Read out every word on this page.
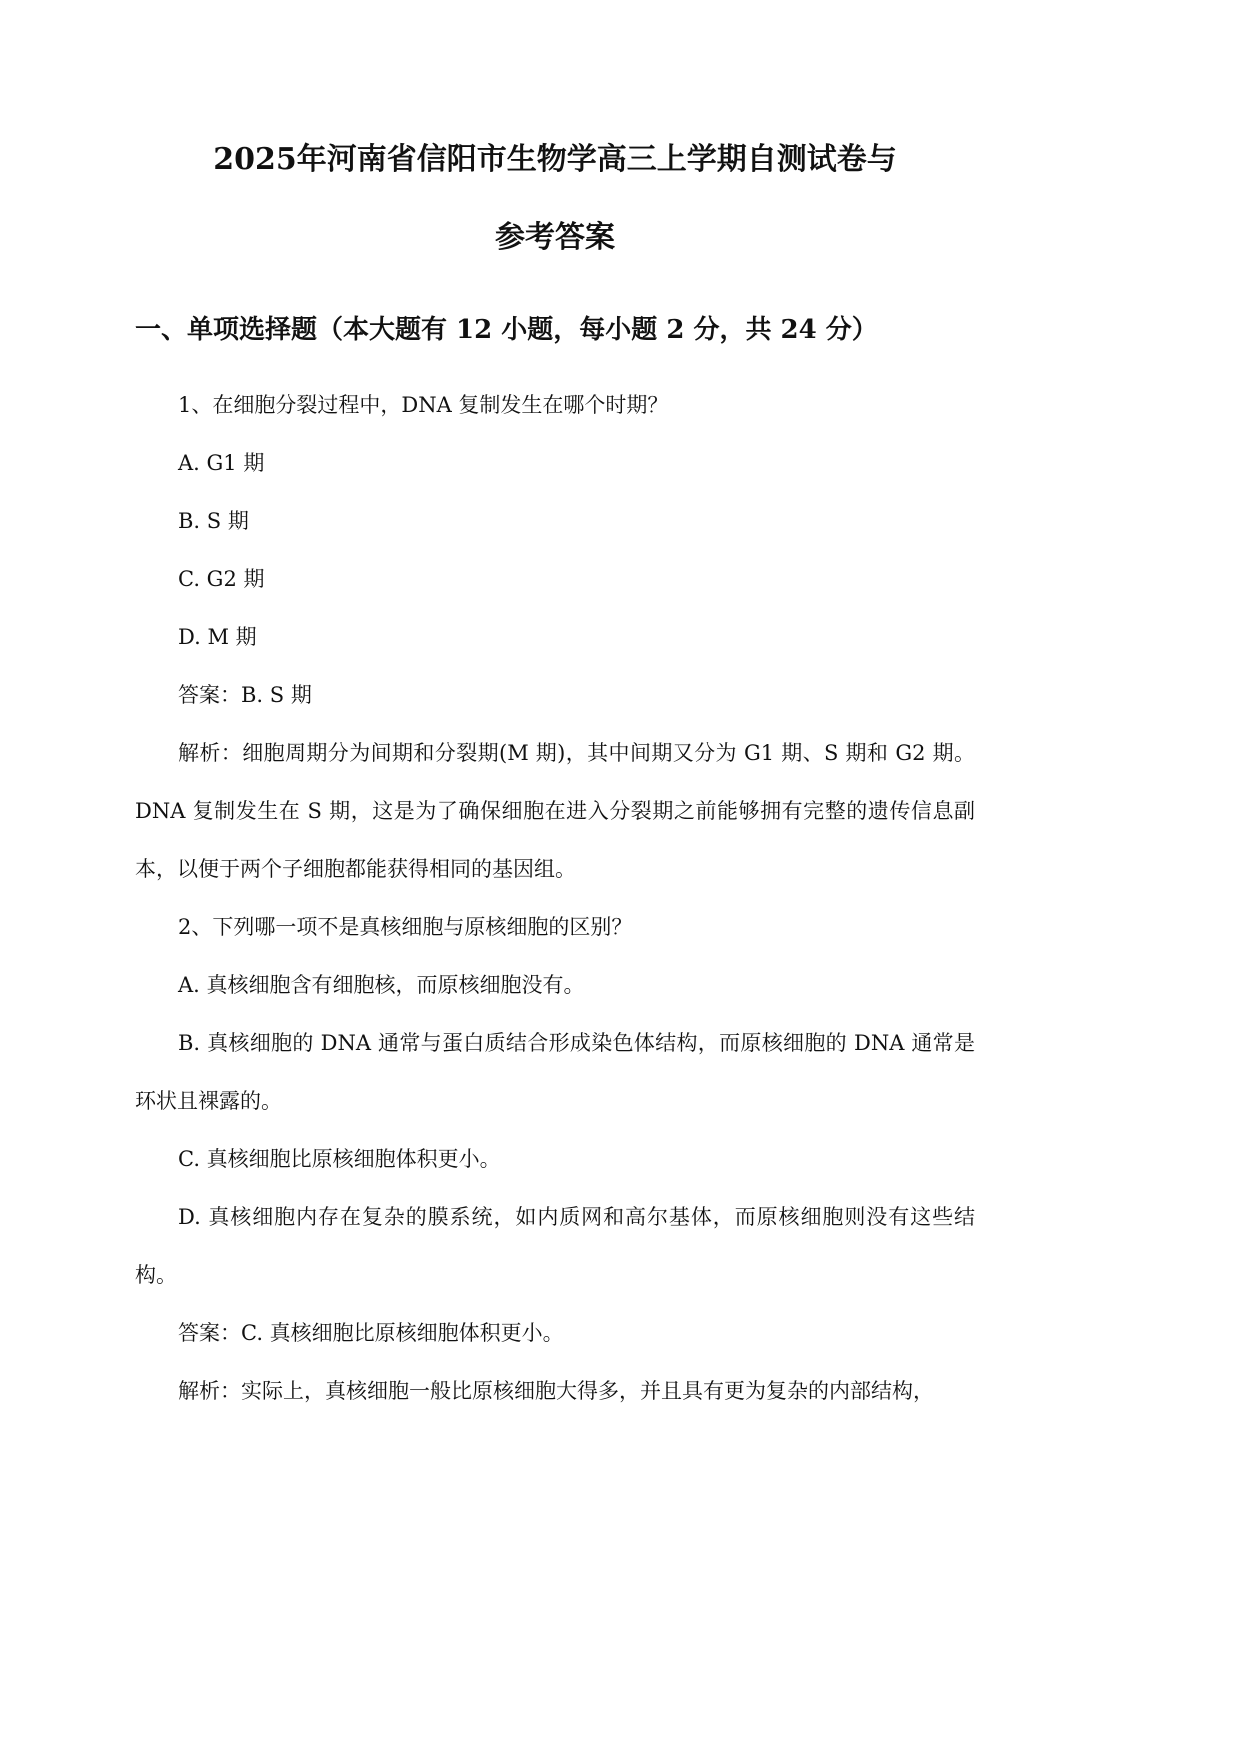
2025年河南省信阳市生物学高三上学期自测试卷与
参考答案
一、单项选择题（本大题有 12 小题，每小题 2 分，共 24 分）

1、在细胞分裂过程中，DNA 复制发生在哪个时期？

A. G1 期

B. S 期

C. G2 期

D. M 期

答案：B. S 期

解析：细胞周期分为间期和分裂期(M 期)，其中间期又分为 G1 期、S 期和 G2 期。DNA 复制发生在 S 期，这是为了确保细胞在进入分裂期之前能够拥有完整的遗传信息副本，以便于两个子细胞都能获得相同的基因组。

2、下列哪一项不是真核细胞与原核细胞的区别？

A. 真核细胞含有细胞核，而原核细胞没有。

B. 真核细胞的 DNA 通常与蛋白质结合形成染色体结构，而原核细胞的 DNA 通常是环状且裸露的。

C. 真核细胞比原核细胞体积更小。

D. 真核细胞内存在复杂的膜系统，如内质网和高尔基体，而原核细胞则没有这些结构。

答案：C. 真核细胞比原核细胞体积更小。

解析：实际上，真核细胞一般比原核细胞大得多，并且具有更为复杂的内部结构，
